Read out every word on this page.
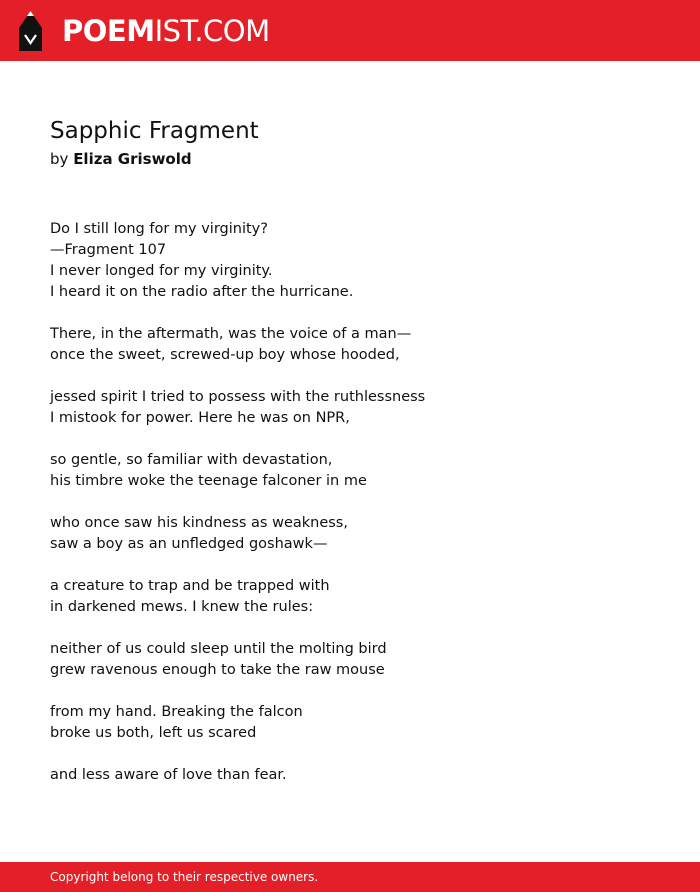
POEMIST.COM
Sapphic Fragment
by Eliza Griswold
Do I still long for my virginity?
—⁠Fragment 107
I never longed for my virginity.
I heard it on the radio after the hurricane.
There, in the aftermath, was the voice of a man⁠—
once the sweet, screwed-up boy whose hooded,
jessed spirit I tried to possess with the ruthlessness
I mistook for power. Here he was on NPR,
so gentle, so familiar with devastation,
his timbre woke the teenage falconer in me
who once saw his kindness as weakness,
saw a boy as an unfledged goshawk⁠—
a creature to trap and be trapped with
in darkened mews. I knew the rules:
neither of us could sleep until the molting bird
grew ravenous enough to take the raw mouse
from my hand. Breaking the falcon
broke us both, left us scared
and less aware of⁠ love than fear.
Copyright belong to their respective owners.
